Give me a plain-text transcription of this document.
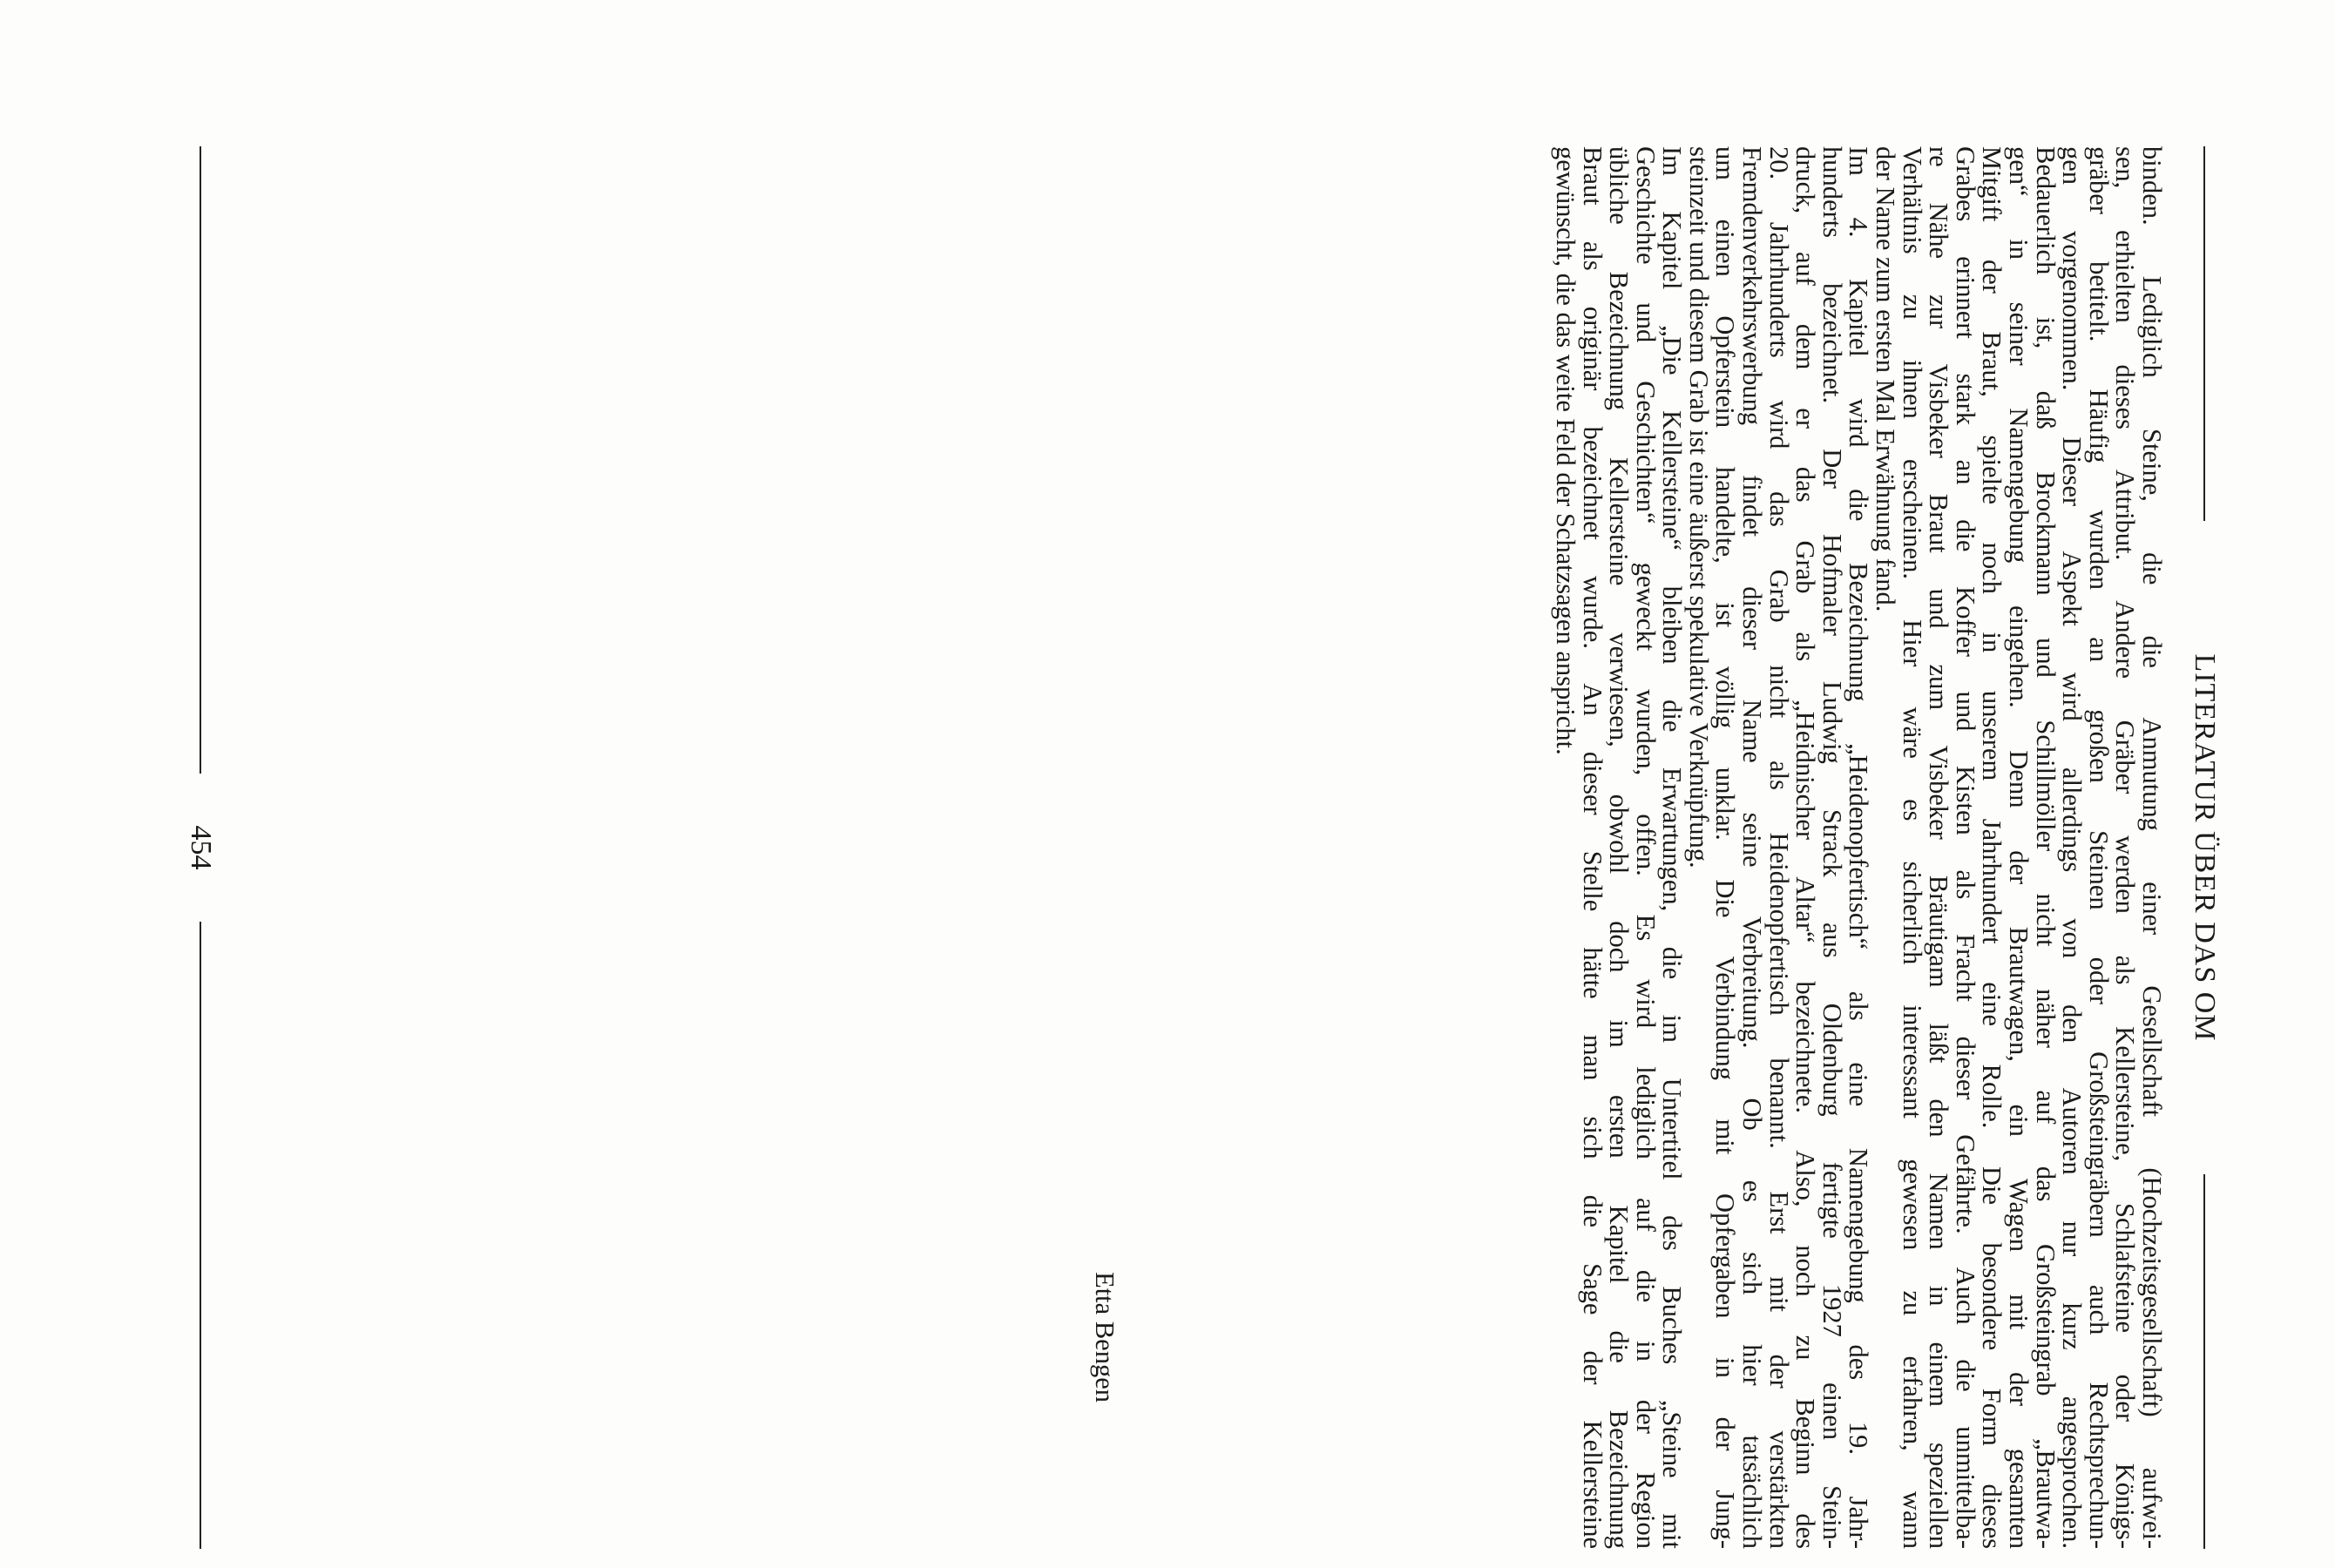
LITERATUR ÜBER DAS OM
binden. Lediglich Steine, die die Anmutung einer Gesellschaft (Hochzeitsgesellschaft) aufwei-
sen, erhielten dieses Attribut. Andere Gräber werden als Kellersteine, Schlafsteine oder Königs-
gräber betitelt. Häufig wurden an großen Steinen oder Großsteingräbern auch Rechtsprechun-
gen vorgenommen. Dieser Aspekt wird allerdings von den Autoren nur kurz angesprochen.
Bedauerlich ist, daß Brockmann und Schillmöller nicht näher auf das Großsteingrab „Brautwa-
gen“ in seiner Namengebung eingehen. Denn der Brautwagen, ein Wagen mit der gesamten
Mitgift der Braut, spielte noch in unserem Jahrhundert eine Rolle. Die besondere Form dieses
Grabes erinnert stark an die Koffer und Kisten als Fracht dieser Gefährte. Auch die unmittelba-
re Nähe zur Visbeker Braut und zum Visbeker Bräutigam läßt den Namen in einem speziellen
Verhältnis zu ihnen erscheinen. Hier wäre es sicherlich interessant gewesen zu erfahren, wann
der Name zum ersten Mal Erwähnung fand.
Im 4. Kapitel wird die Bezeichnung „Heidenopfertisch“ als eine Namengebung des 19. Jahr-
hunderts bezeichnet. Der Hofmaler Ludwig Strack aus Oldenburg fertigte 1927 einen Stein-
druck, auf dem er das Grab als „Heidnischer Altar“ bezeichnete. Also, noch zu Beginn des
20. Jahrhunderts wird das Grab nicht als Heidenopfertisch benannt. Erst mit der verstärkten
Fremdenverkehrswerbung findet dieser Name seine Verbreitung. Ob es sich hier tatsächlich
um einen Opferstein handelte, ist völlig unklar. Die Verbindung mit Opfergaben in der Jung-
steinzeit und diesem Grab ist eine äußerst spekulative Verknüpfung.
Im Kapitel „Die Kellersteine“ bleiben die Erwartungen, die im Untertitel des Buches „Steine mit
Geschichte und Geschichten“ geweckt wurden, offen. Es wird lediglich auf die in der Region
übliche Bezeichnung Kellersteine verwiesen, obwohl doch im ersten Kapitel die Bezeichnung
Braut als originär bezeichnet wurde. An dieser Stelle hätte man sich die Sage der Kellersteine
gewünscht, die das weite Feld der Schatzsagen anspricht.
Etta Bengen
454
